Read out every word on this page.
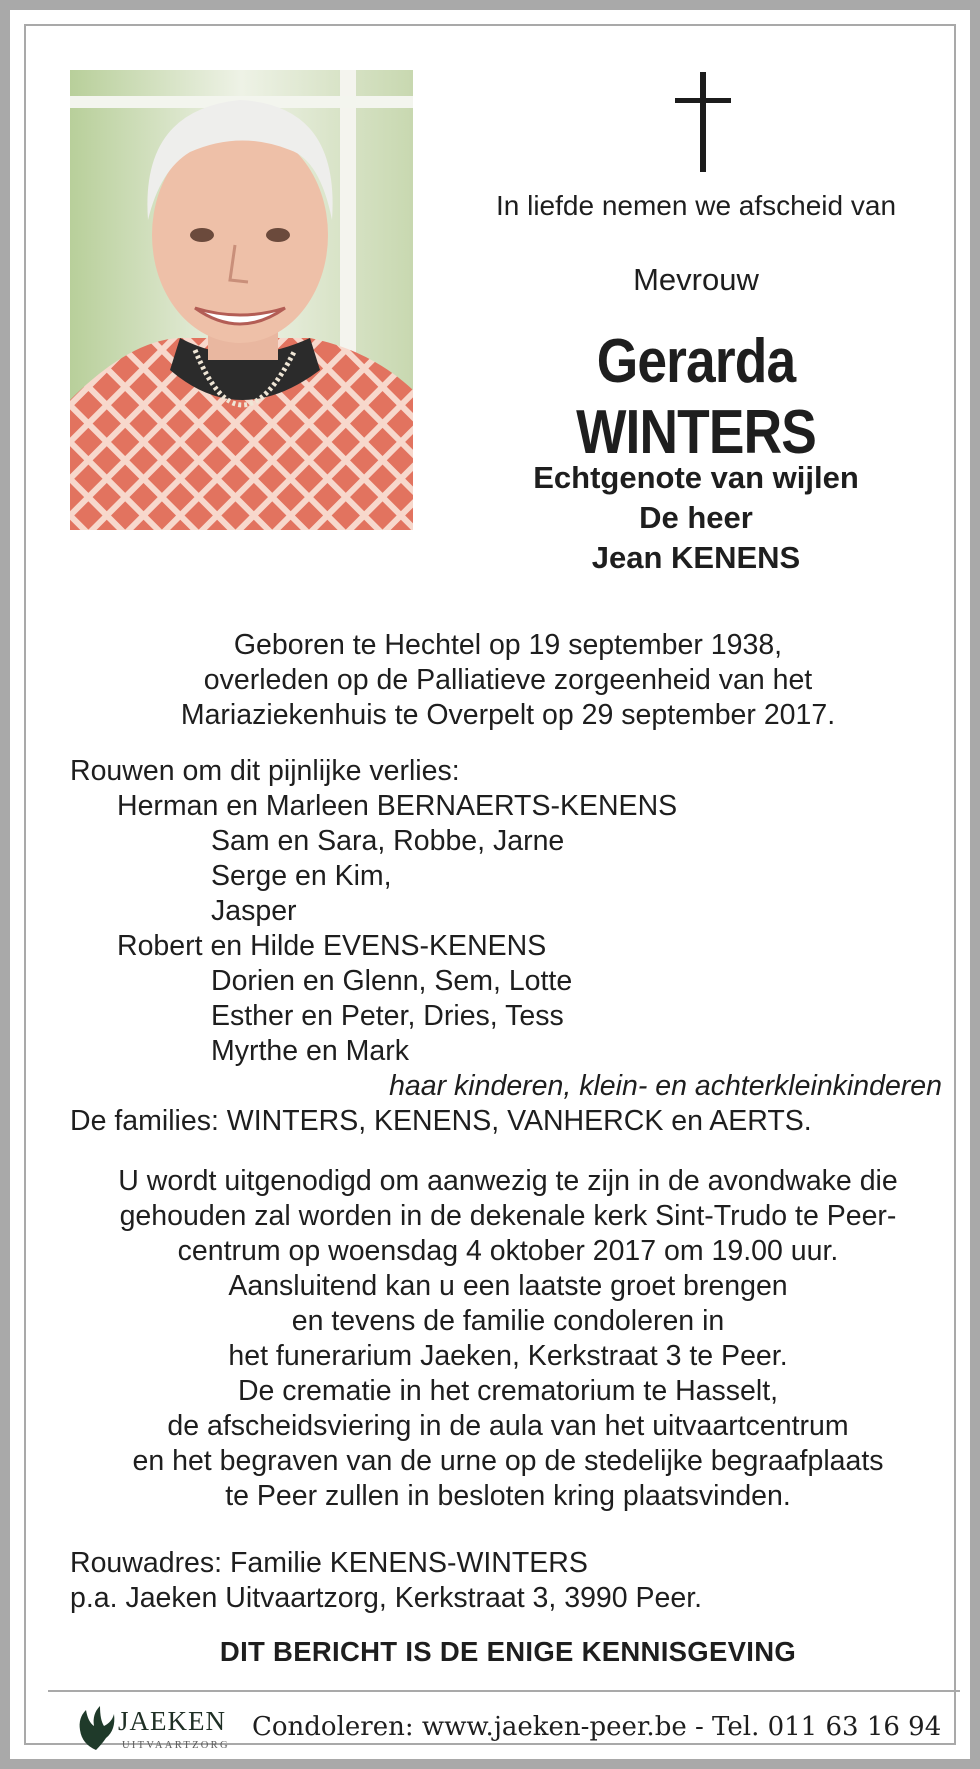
In liefde nemen we afscheid van
Mevrouw
Gerarda WINTERS
Echtgenote van wijlen
De heer
Jean KENENS
Geboren te Hechtel op 19 september 1938,
overleden op de Palliatieve zorgeenheid van het
Mariaziekenhuis te Overpelt op 29 september 2017.
Rouwen om dit pijnlijke verlies:
Herman en Marleen BERNAERTS-KENENS
Sam en Sara, Robbe, Jarne
Serge en Kim,
Jasper
Robert en Hilde EVENS-KENENS
Dorien en Glenn, Sem, Lotte
Esther en Peter, Dries, Tess
Myrthe en Mark
haar kinderen, klein- en achterkleinkinderen
De families: WINTERS, KENENS, VANHERCK en AERTS.
U wordt uitgenodigd om aanwezig te zijn in de avondwake die
gehouden zal worden in de dekenale kerk Sint-Trudo te Peer-
centrum op woensdag 4 oktober 2017 om 19.00 uur.
Aansluitend kan u een laatste groet brengen
en tevens de familie condoleren in
het funerarium Jaeken, Kerkstraat 3 te Peer.
De crematie in het crematorium te Hasselt,
de afscheidsviering in de aula van het uitvaartcentrum
en het begraven van de urne op de stedelijke begraafplaats
te Peer zullen in besloten kring plaatsvinden.
Rouwadres: Familie KENENS-WINTERS
p.a. Jaeken Uitvaartzorg, Kerkstraat 3, 3990 Peer.
DIT BERICHT IS DE ENIGE KENNISGEVING
JAEKEN
UITVAARTZORG
Condoleren: www.jaeken-peer.be - Tel. 011 63 16 94
